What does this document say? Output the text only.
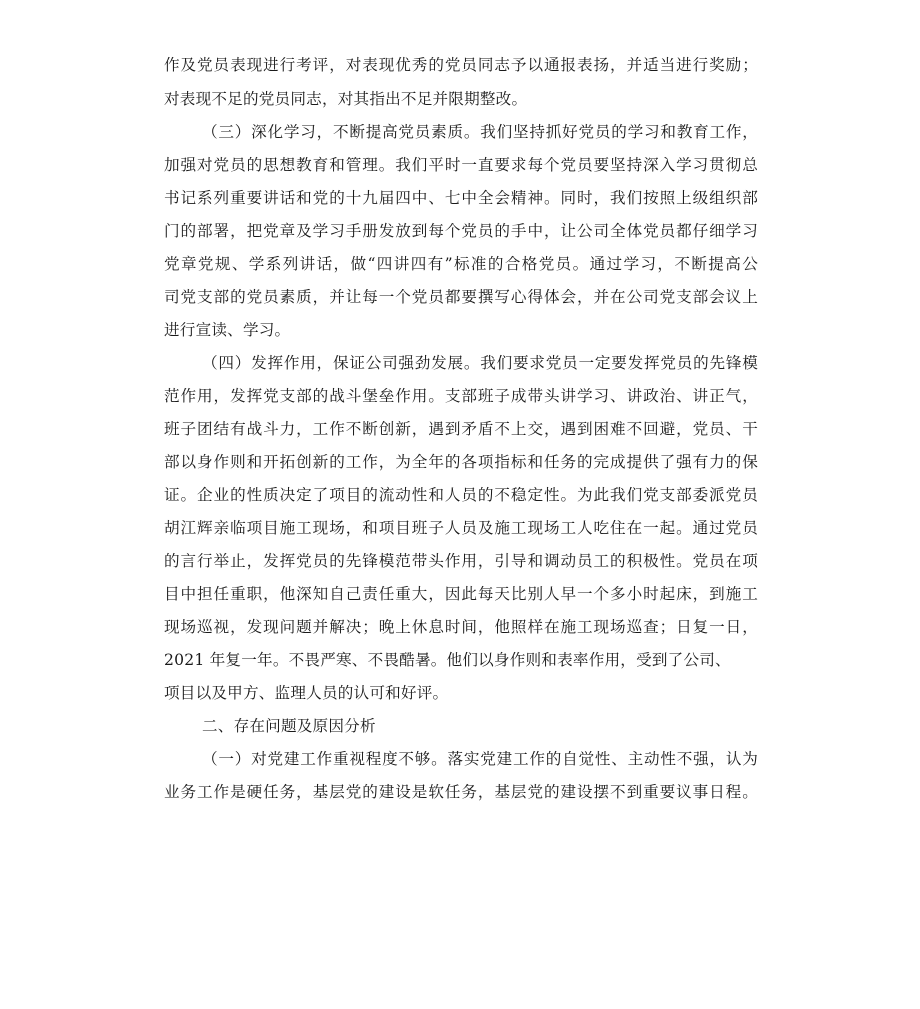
作及党员表现进行考评，对表现优秀的党员同志予以通报表扬，并适当进行奖励；
对表现不足的党员同志，对其指出不足并限期整改。
（三）深化学习，不断提高党员素质。我们坚持抓好党员的学习和教育工作，
加强对党员的思想教育和管理。我们平时一直要求每个党员要坚持深入学习贯彻总
书记系列重要讲话和党的十九届四中、七中全会精神。同时，我们按照上级组织部
门的部署，把党章及学习手册发放到每个党员的手中，让公司全体党员都仔细学习
党章党规、学系列讲话，做“四讲四有”标准的合格党员。通过学习，不断提高公
司党支部的党员素质，并让每一个党员都要撰写心得体会，并在公司党支部会议上
进行宣读、学习。
（四）发挥作用，保证公司强劲发展。我们要求党员一定要发挥党员的先锋模
范作用，发挥党支部的战斗堡垒作用。支部班子成带头讲学习、讲政治、讲正气，
班子团结有战斗力，工作不断创新，遇到矛盾不上交，遇到困难不回避，党员、干
部以身作则和开拓创新的工作，为全年的各项指标和任务的完成提供了强有力的保
证。企业的性质决定了项目的流动性和人员的不稳定性。为此我们党支部委派党员
胡江辉亲临项目施工现场，和项目班子人员及施工现场工人吃住在一起。通过党员
的言行举止，发挥党员的先锋模范带头作用，引导和调动员工的积极性。党员在项
目中担任重职，他深知自己责任重大，因此每天比别人早一个多小时起床，到施工
现场巡视，发现问题并解决；晚上休息时间，他照样在施工现场巡查；日复一日，
2021 年复一年。不畏严寒、不畏酷暑。他们以身作则和表率作用，受到了公司、
项目以及甲方、监理人员的认可和好评。
二、存在问题及原因分析
（一）对党建工作重视程度不够。落实党建工作的自觉性、主动性不强，认为
业务工作是硬任务，基层党的建设是软任务，基层党的建设摆不到重要议事日程。
